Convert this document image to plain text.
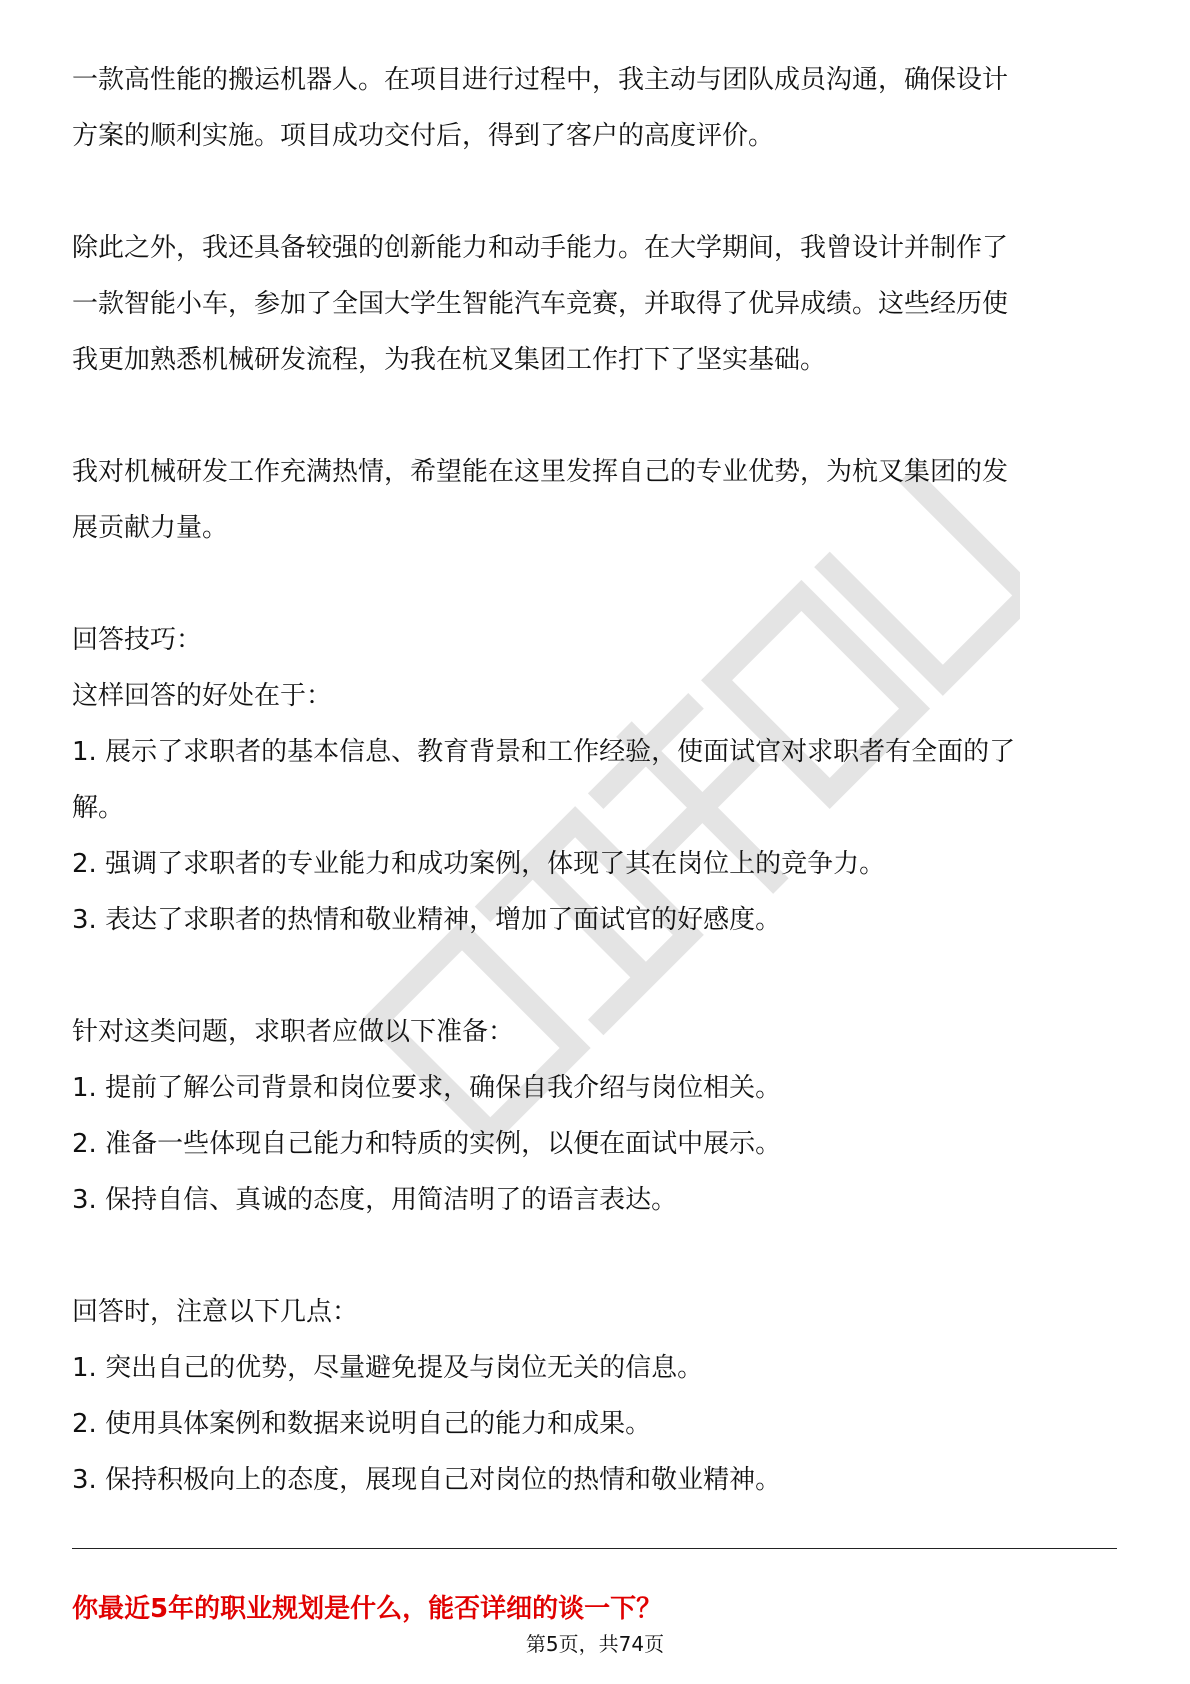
一款高性能的搬运机器人。在项目进行过程中，我主动与团队成员沟通，确保设计
方案的顺利实施。项目成功交付后，得到了客户的高度评价。
除此之外，我还具备较强的创新能力和动手能力。在大学期间，我曾设计并制作了
一款智能小车，参加了全国大学生智能汽车竞赛，并取得了优异成绩。这些经历使
我更加熟悉机械研发流程，为我在杭叉集团工作打下了坚实基础。
我对机械研发工作充满热情，希望能在这里发挥自己的专业优势，为杭叉集团的发
展贡献力量。
回答技巧：
这样回答的好处在于：
1. 展示了求职者的基本信息、教育背景和工作经验，使面试官对求职者有全面的了
解。
2. 强调了求职者的专业能力和成功案例，体现了其在岗位上的竞争力。
3. 表达了求职者的热情和敬业精神，增加了面试官的好感度。
针对这类问题，求职者应做以下准备：
1. 提前了解公司背景和岗位要求，确保自我介绍与岗位相关。
2. 准备一些体现自己能力和特质的实例，以便在面试中展示。
3. 保持自信、真诚的态度，用简洁明了的语言表达。
回答时，注意以下几点：
1. 突出自己的优势，尽量避免提及与岗位无关的信息。
2. 使用具体案例和数据来说明自己的能力和成果。
3. 保持积极向上的态度，展现自己对岗位的热情和敬业精神。
你最近5年的职业规划是什么，能否详细的谈一下？
第5页，共74页
